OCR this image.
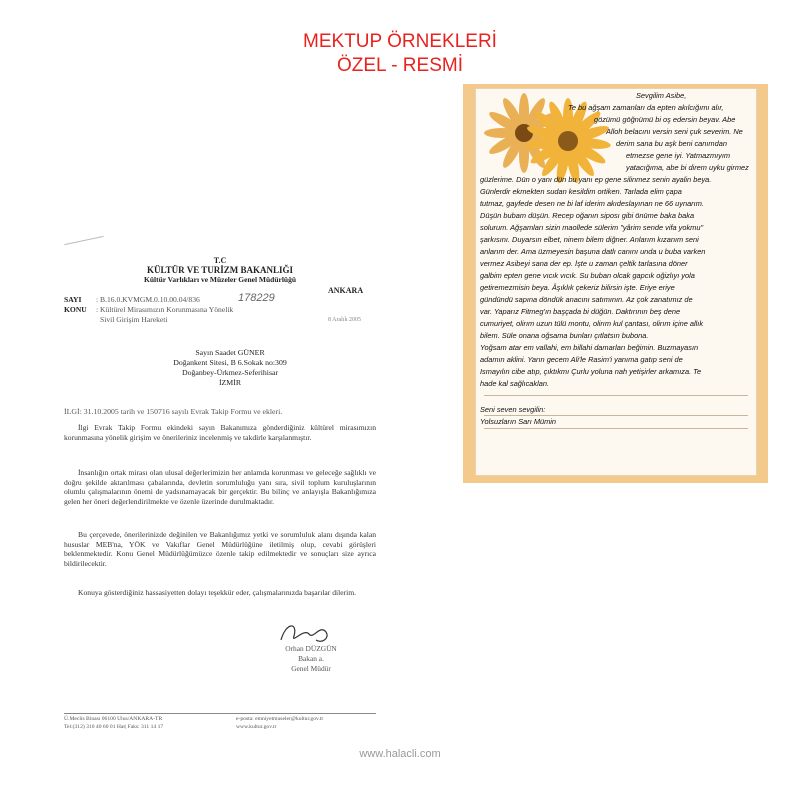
MEKTUP ÖRNEKLERİ
ÖZEL - RESMİ
T.C
KÜLTÜR VE TURİZM BAKANLIĞI
Kültür Varlıkları ve Müzeler Genel Müdürlüğü
ANKARA
SAYI : B.16.0.KVMGM.0.10.00.04/836	178229
KONU : Kültürel Mirasımızın Korunmasına Yönelik
Sivil Girişim Hareketi	8 Aralık 2005
Sayın Saadet GÜNER
Doğankent Sitesi, B 6.Sokak no:309
Doğanbey-Ürkmez-Seferihisar
İZMİR
İLGİ: 31.10.2005 tarih ve 150716 sayılı Evrak Takip Formu ve ekleri.
İlgi Evrak Takip Formu ekindeki sayın Bakanımıza gönderdiğiniz kültürel mirasımızın korunmasına yönelik girişim ve önerileriniz incelenmiş ve takdirle karşılanmıştır.
İnsanlığın ortak mirası olan ulusal değerlerimizin her anlamda korunması ve geleceğe sağlıklı ve doğru şekilde aktarılması çabalarında, devletin sorumluluğu yanı sıra, sivil toplum kuruluşlarının olumlu çalışmalarının önemi de yadsınamayacak bir gerçektir. Bu bilinç ve anlayışla Bakanlığımıza gelen her öneri değerlendirilmekte ve özenle üzerinde durulmaktadır.
Bu çerçevede, önerilerinizde değinilen ve Bakanlığımız yetki ve sorumluluk alanı dışında kalan hususlar MEB'na, YÖK ve Vakıflar Genel Müdürlüğüne iletilmiş olup, cevabi görüşleri beklenmektedir. Konu Genel Müdürlüğümüzce özenle takip edilmektedir ve sonuçları size ayrıca bildirilecektir.
Konuya gösterdiğiniz hassasiyetten dolayı teşekkür eder, çalışmalarınızda başarılar dilerim.
Orhan DÜZGÜN
Bakan a.
Genel Müdür
Ü.Meclis Binası 06100 Ulus/ANKARA-TR
Tel:(312) 310 40 60 01 Hat| Faks: 311 14 17
e-posta: emniyetmuseler@kultur.gov.tr
www.kultur.gov.tr
Sevgilim Asibe,
Te bu ağşam zamanları da epten akılcığımı alır,
gözümü göğnümü bi oş edersin beyav. Abe
Alloh belacını versin seni çuk severim. Ne
derim sana bu aşk beni canımdan
etmezse gene iyi. Yatmazmıyım
yatacığıma, abe bi direm uyku girmez
güzlerime. Dün o yanı dün bu yanı ep gene silinmez senin ayalin beya.
Günlerdir ekmekten sudan kesildim ortiken. Tarlada elim çapa
tutmaz, gayfede desen ne bi laf iderim akıdeslayınan ne 66 uynarım.
Düşün bubam düşün. Recep oğanın siposı gibi önüme baka baka
solurum. Ağşamları sizin maollede sülerim "yârim sende vifa yokmu"
şarkısını. Duyarsın elbet, ninem bilem diğner. Anlarım kızanım seni
anlarım der. Ama üzmeyesin başuna datlı canını unda u buba varken
vermez Asibeyi sana der ep. İşte u zaman çeltik tarlasına döner
galbim epten gene vıcık vıcık. Su buban olcak gapcık oğizlıyı yola
getiremezmisin beya. Âşıklık çekeriz bilirsin işte. Eriye eriye
gündündü sapına döndük anacını satımının. Az çok zanatımız de
var. Yaparız Fitmeg'ın başçada bi düğün. Daktırının beş dene
cumuriyet, olirım uzun tülü montu, olirım kul çantası, olirım içine allık
bilem. Süle onana oğsama bunları çıtlatsın bubona.
Yoğsam atar em vallahi, em billahi damarları beğimin. Buzmayasın
adamın aklini. Yarın gecem Ali'le Rasim'i yanıma gatıp seni de
Ismayılın cibe atıp, çıktıkmı Çurlu yoluna nah yetişirler arkamıza. Te
hade kal sağlıcaklan.
Seni seven sevgilin:
Yolsuzların Sarı Mümin
www.halacli.com
